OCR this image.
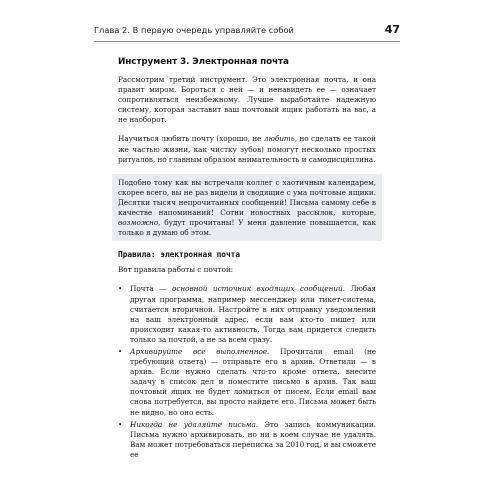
Глава 2. В первую очередь управляйте собой	47
Инструмент 3. Электронная почта

Рассмотрим третий инструмент. Это электронная почта, и она правит миром. Бороться с ней — и ненавидеть ее — означает сопротивляться неизбежному. Лучше выработайте надежную систему, которая заставит ваш почтовый ящик работать на вас, а не наоборот.

Научиться любить почту (хорошо, не любить, но сделать ее такой же частью жизни, как чистку зубов) помогут несколько простых ритуалов, но главным образом внимательность и самодисциплина.

Подобно тому как вы встречали коллег с хаотичным календарем, скорее всего, вы не раз видели и сводящие с ума почтовые ящики. Десятки тысяч непрочитанных сообщений! Письма самому себе в качестве напоминаний! Сотни новостных рассылок, которые, возможно, будут прочитаны! У меня давление повышается, как только я думаю об этом.

Правила: электронная почта

Вот правила работы с почтой:

• Почта — основной источник входящих сообщений. Любая другая программа, например мессенджер или тикет-система, считается вторичной. Настройте в них отправку уведомлений на ваш электронный адрес, если вам кто-то пишет или происходит какая-то активность. Тогда вам придется следить только за почтой, а не за всем сразу.
• Архивируйте все выполненное. Прочитали email (не требующий ответа) — отправьте его в архив. Ответили — в архив. Если нужно сделать что-то кроме ответа, внесите задачу в список дел и поместите письмо в архив. Так ваш почтовый ящик не будет ломиться от писем. Если email вам снова потребуется, вы просто найдете его. Письма может быть не видно, но оно есть.
• Никогда не удаляйте письма. Это запись коммуникации. Письма нужно архивировать, но ни в коем случае не удалять. Вам может потребоваться переписка за 2010 год, и вы сможете ее
